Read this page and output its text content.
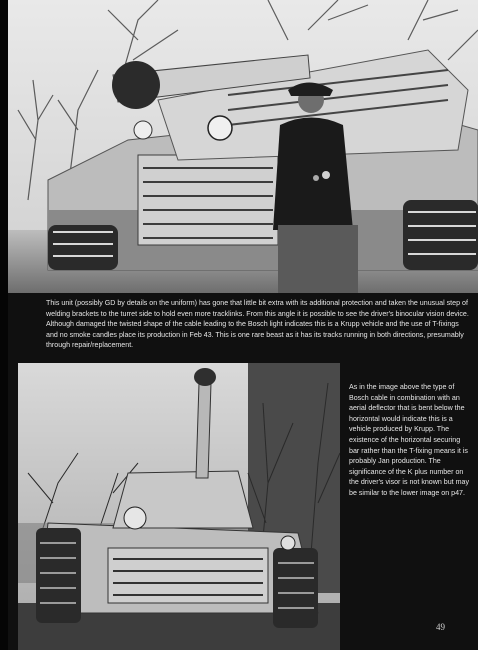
This unit (possibly GD by details on the uniform) has gone that little bit extra with its additional protection and taken the unusual step of welding brackets to the turret side to hold even more tracklinks. From this angle it is possible to see the driver's binocular vision device. Although damaged the twisted shape of the cable leading to the Bosch light indicates this is a Krupp vehicle and the use of T-fixings and no smoke candles place its production in Feb 43. This is one rare beast as it has its tracks running in both directions, presumably through repair/replacement.

As in the image above the type of Bosch cable in combination with an aerial deflector that is bent below the horizontal would indicate this is a vehicle produced by Krupp. The existence of the horizontal securing bar rather than the T-fixing means it is probably Jan production. The significance of the K plus number on the driver's visor is not known but may be similar to the lower image on p47.

49
